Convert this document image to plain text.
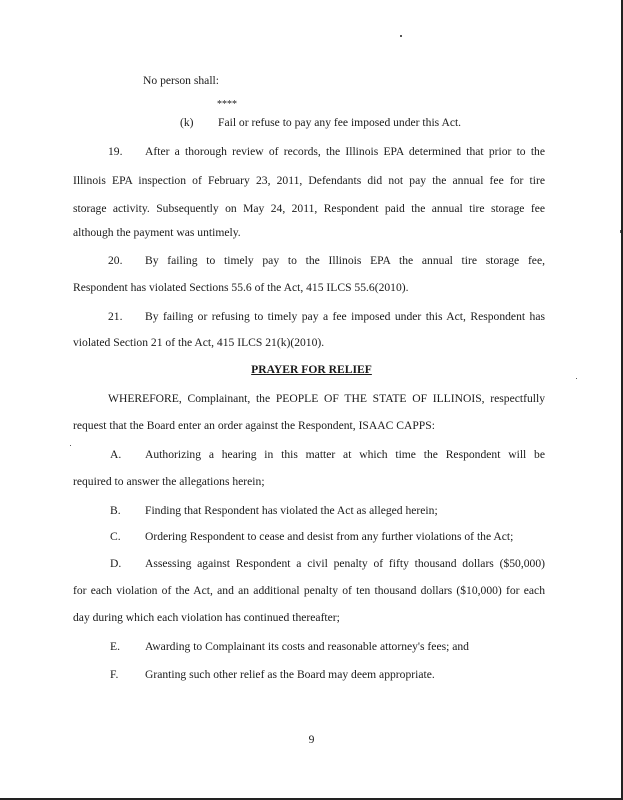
No person shall:
****
(k) Fail or refuse to pay any fee imposed under this Act.
19. After a thorough review of records, the Illinois EPA determined that prior to the
Illinois EPA inspection of February 23, 2011, Defendants did not pay the annual fee for tire
storage activity. Subsequently on May 24, 2011, Respondent paid the annual tire storage fee
although the payment was untimely.
20. By failing to timely pay to the Illinois EPA the annual tire storage fee,
Respondent has violated Sections 55.6 of the Act, 415 ILCS 55.6(2010).
21. By failing or refusing to timely pay a fee imposed under this Act, Respondent has
violated Section 21 of the Act, 415 ILCS 21(k)(2010).
PRAYER FOR RELIEF
WHEREFORE, Complainant, the PEOPLE OF THE STATE OF ILLINOIS, respectfully
request that the Board enter an order against the Respondent, ISAAC CAPPS:
A. Authorizing a hearing in this matter at which time the Respondent will be
required to answer the allegations herein;
B. Finding that Respondent has violated the Act as alleged herein;
C. Ordering Respondent to cease and desist from any further violations of the Act;
D. Assessing against Respondent a civil penalty of fifty thousand dollars ($50,000)
for each violation of the Act, and an additional penalty of ten thousand dollars ($10,000) for each
day during which each violation has continued thereafter;
E. Awarding to Complainant its costs and reasonable attorney's fees; and
F. Granting such other relief as the Board may deem appropriate.
9
